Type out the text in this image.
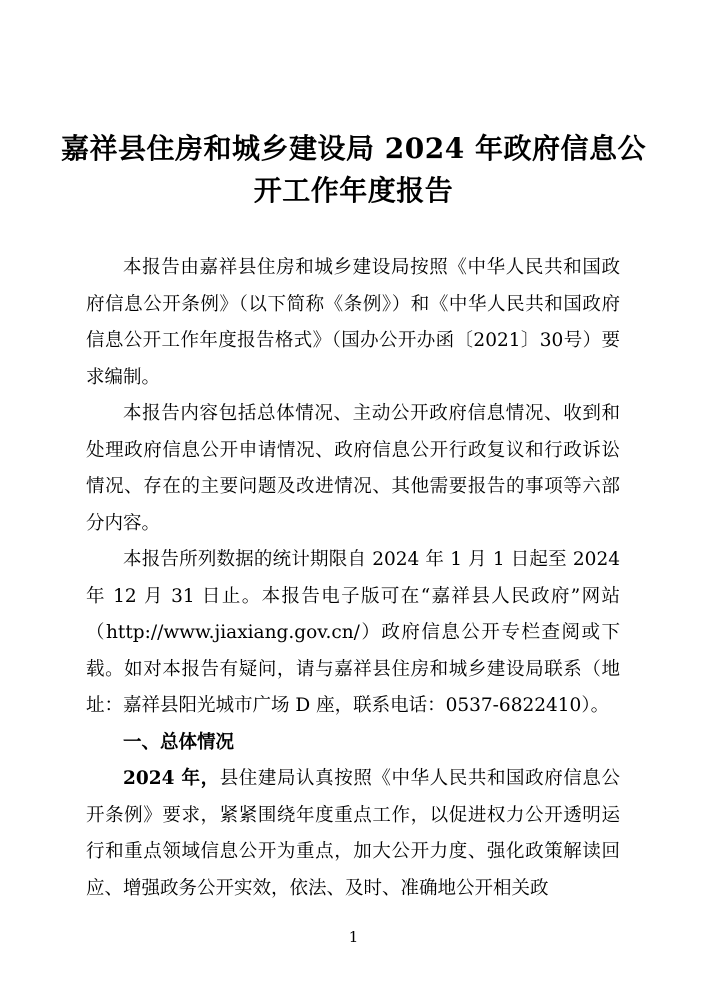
嘉祥县住房和城乡建设局 2024 年政府信息公
开工作年度报告

本报告由嘉祥县住房和城乡建设局按照《中华人民共和国政府信息公开条例》（以下简称《条例》）和《中华人民共和国政府信息公开工作年度报告格式》（国办公开办函〔2021〕30号）要求编制。

本报告内容包括总体情况、主动公开政府信息情况、收到和处理政府信息公开申请情况、政府信息公开行政复议和行政诉讼情况、存在的主要问题及改进情况、其他需要报告的事项等六部分内容。

本报告所列数据的统计期限自 2024 年 1 月 1 日起至 2024 年 12 月 31 日止。本报告电子版可在“嘉祥县人民政府”网站（http://www.jiaxiang.gov.cn/）政府信息公开专栏查阅或下载。如对本报告有疑问，请与嘉祥县住房和城乡建设局联系（地址：嘉祥县阳光城市广场 D 座，联系电话：0537-6822410）。

一、总体情况

2024 年，县住建局认真按照《中华人民共和国政府信息公开条例》要求，紧紧围绕年度重点工作，以促进权力公开透明运行和重点领域信息公开为重点，加大公开力度、强化政策解读回应、增强政务公开实效，依法、及时、准确地公开相关政

1
